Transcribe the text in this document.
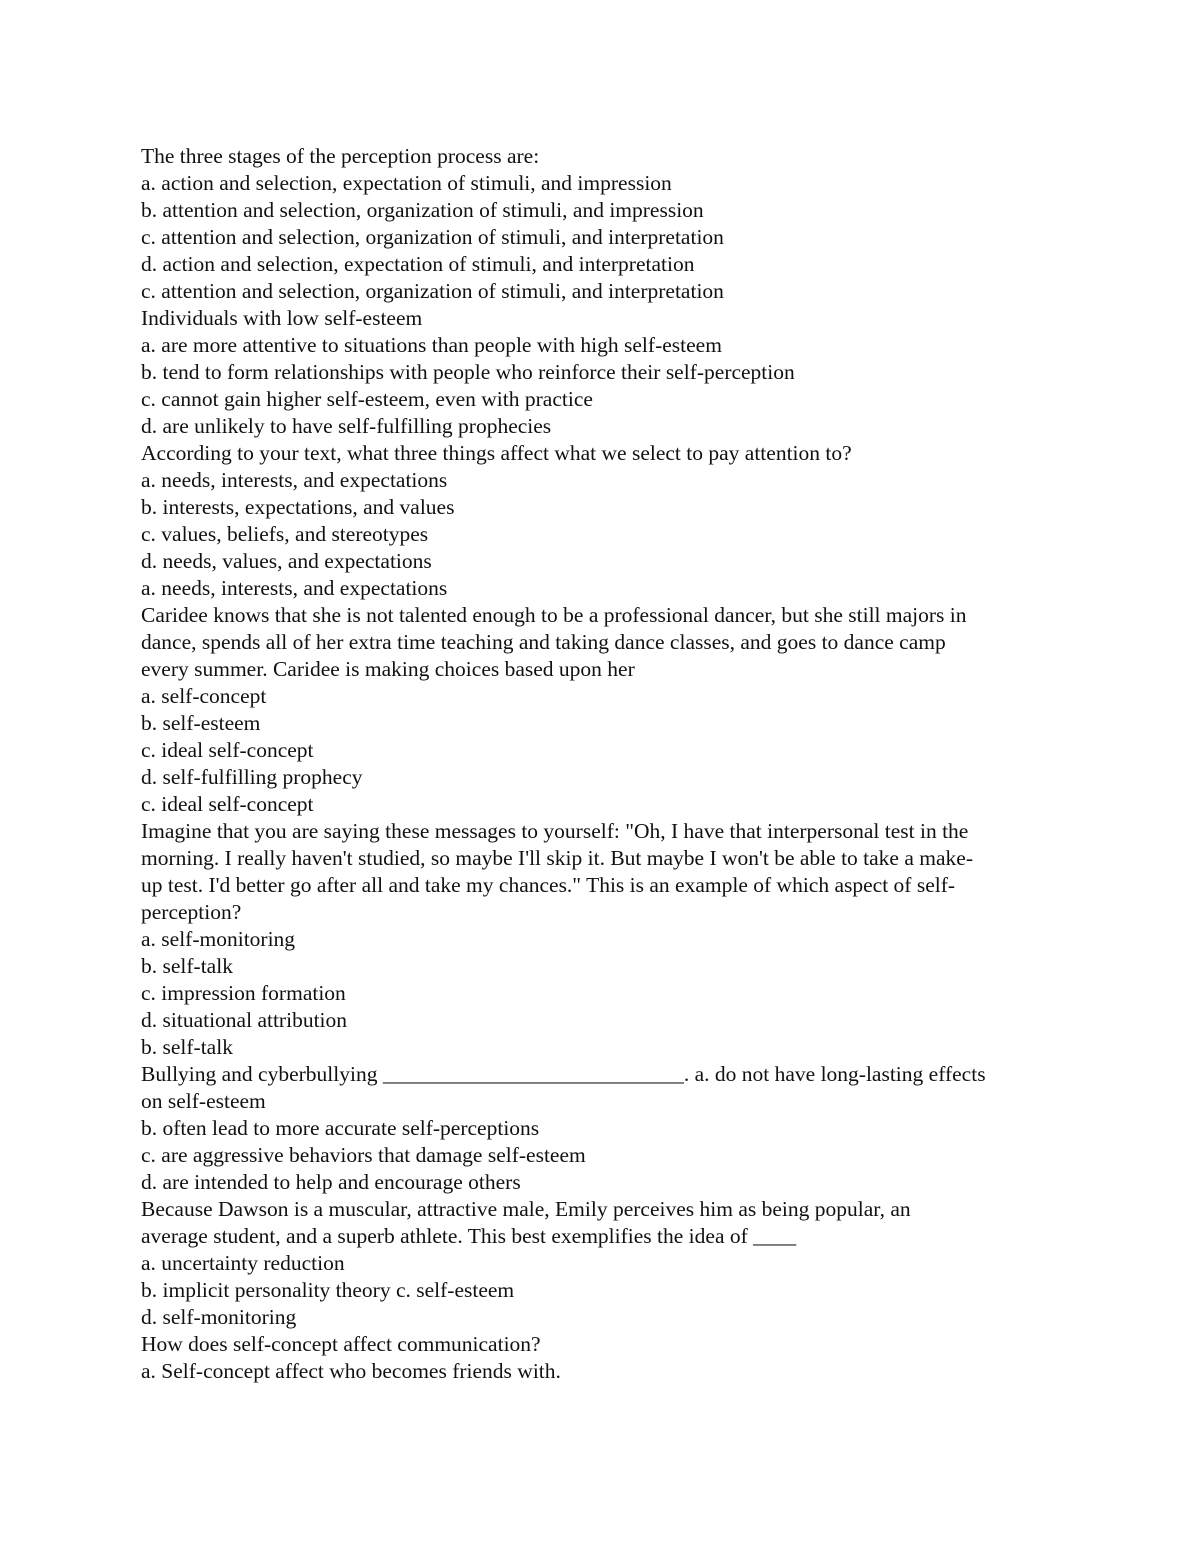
The three stages of the perception process are:
a. action and selection, expectation of stimuli, and impression
b. attention and selection, organization of stimuli, and impression
c. attention and selection, organization of stimuli, and interpretation
d. action and selection, expectation of stimuli, and interpretation
c. attention and selection, organization of stimuli, and interpretation
Individuals with low self-esteem
a. are more attentive to situations than people with high self-esteem
b. tend to form relationships with people who reinforce their self-perception
c. cannot gain higher self-esteem, even with practice
d. are unlikely to have self-fulfilling prophecies
According to your text, what three things affect what we select to pay attention to?
a. needs, interests, and expectations
b. interests, expectations, and values
c. values, beliefs, and stereotypes
d. needs, values, and expectations
a. needs, interests, and expectations
Caridee knows that she is not talented enough to be a professional dancer, but she still majors in
dance, spends all of her extra time teaching and taking dance classes, and goes to dance camp
every summer. Caridee is making choices based upon her
a. self-concept
b. self-esteem
c. ideal self-concept
d. self-fulfilling prophecy
c. ideal self-concept
Imagine that you are saying these messages to yourself: "Oh, I have that interpersonal test in the
morning. I really haven't studied, so maybe I'll skip it. But maybe I won't be able to take a make-
up test. I'd better go after all and take my chances." This is an example of which aspect of self-
perception?
a. self-monitoring
b. self-talk
c. impression formation
d. situational attribution
b. self-talk
Bullying and cyberbullying ____________________________. a. do not have long-lasting effects
on self-esteem
b. often lead to more accurate self-perceptions
c. are aggressive behaviors that damage self-esteem
d. are intended to help and encourage others
Because Dawson is a muscular, attractive male, Emily perceives him as being popular, an
average student, and a superb athlete. This best exemplifies the idea of ____
a. uncertainty reduction
b. implicit personality theory c. self-esteem
d. self-monitoring
How does self-concept affect communication?
a. Self-concept affect who becomes friends with.
